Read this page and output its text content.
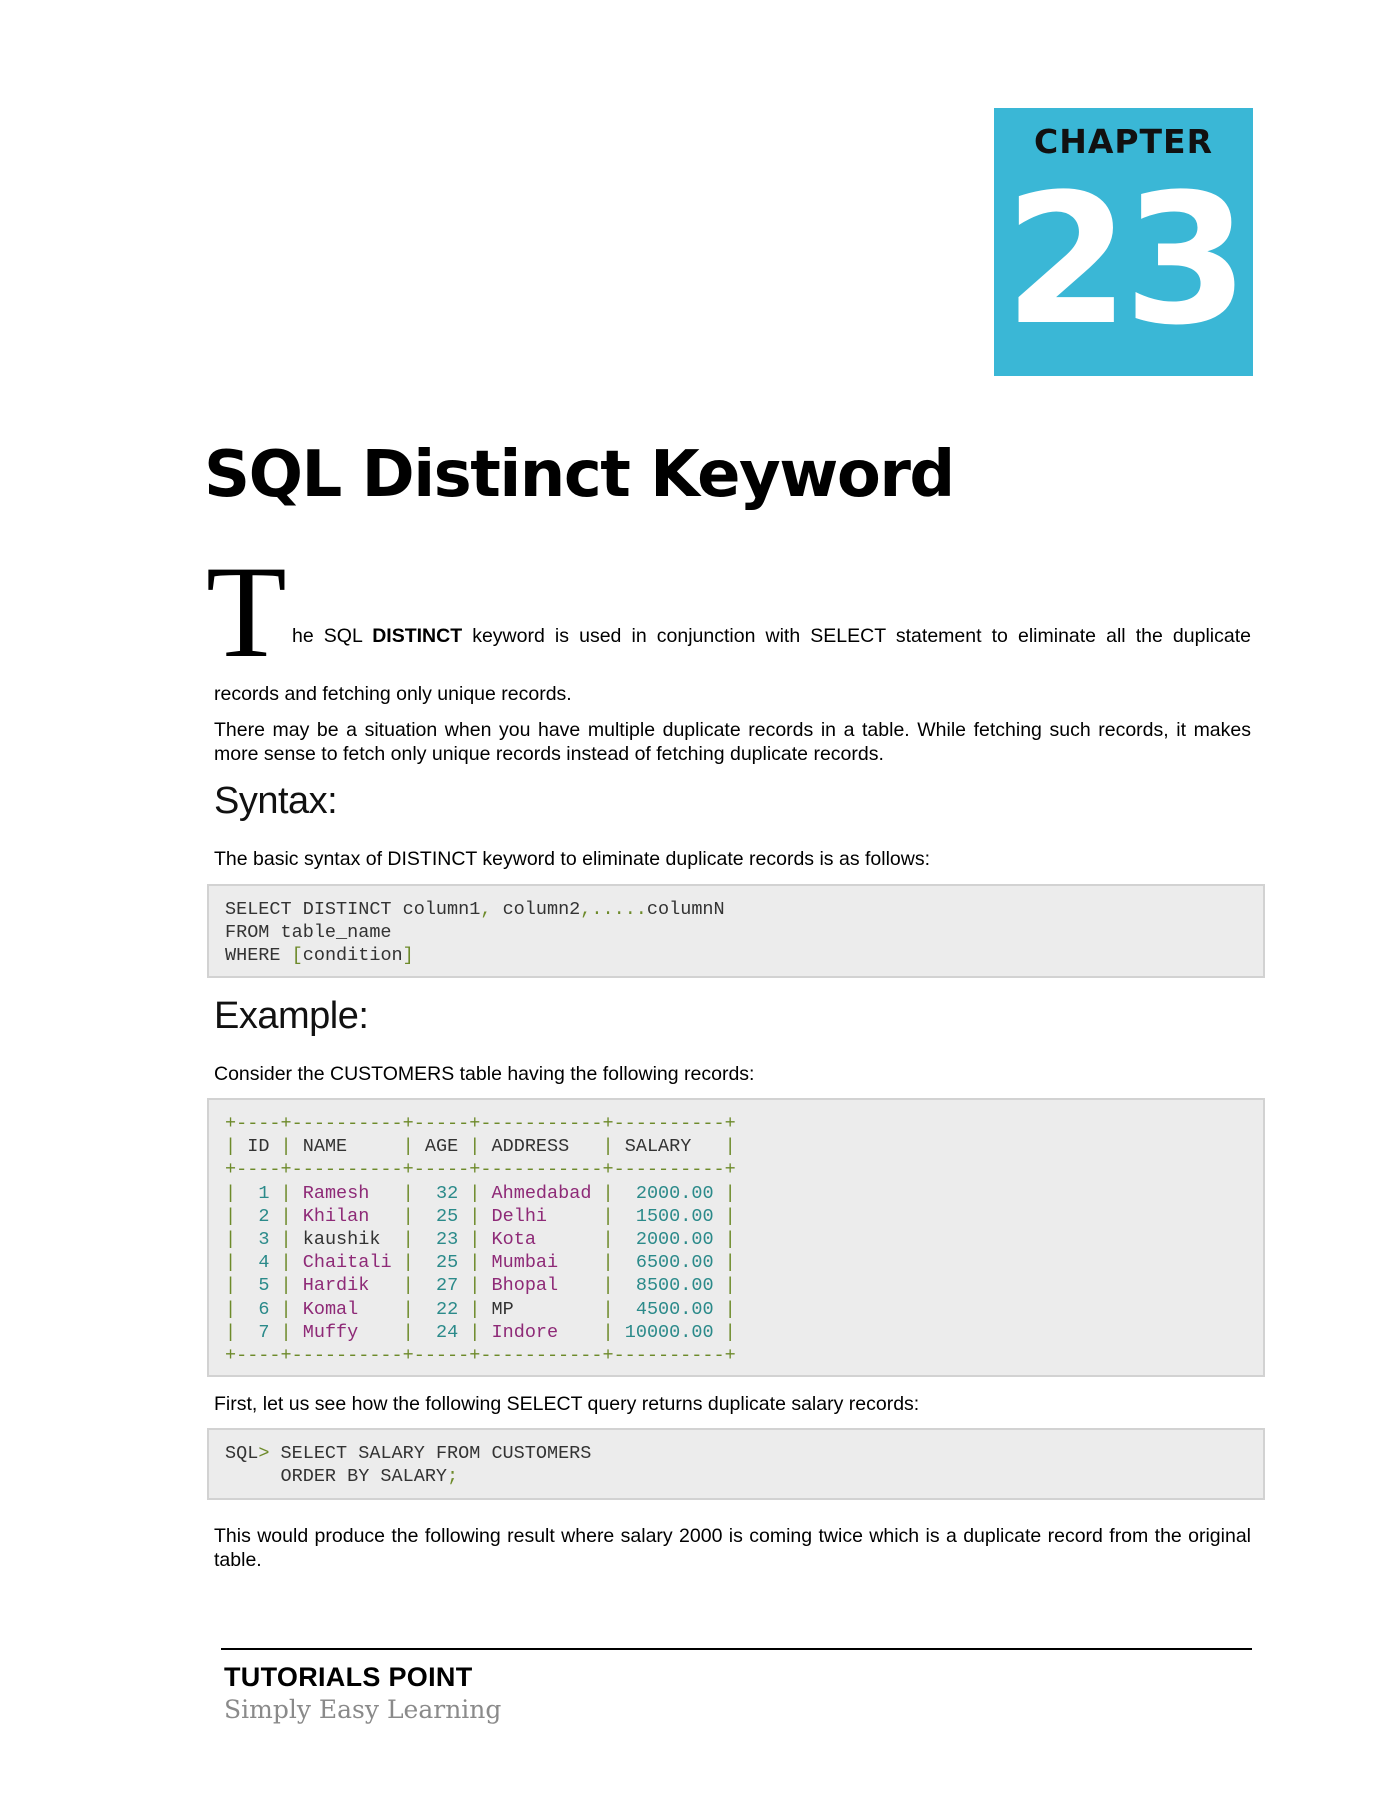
CHAPTER
23
SQL Distinct Keyword
T he SQL DISTINCT keyword is used in conjunction with SELECT statement to eliminate all the duplicate

records and fetching only unique records.

There may be a situation when you have multiple duplicate records in a table. While fetching such records, it makes more sense to fetch only unique records instead of fetching duplicate records.

Syntax:

The basic syntax of DISTINCT keyword to eliminate duplicate records is as follows:

SELECT DISTINCT column1, column2,.....columnN
FROM table_name
WHERE [condition]
Example:

Consider the CUSTOMERS table having the following records:

+----+----------+-----+-----------+----------+
| ID | NAME     | AGE | ADDRESS   | SALARY   |
+----+----------+-----+-----------+----------+
|  1 | Ramesh   |  32 | Ahmedabad |  2000.00 |
|  2 | Khilan   |  25 | Delhi     |  1500.00 |
|  3 | kaushik  |  23 | Kota      |  2000.00 |
|  4 | Chaitali |  25 | Mumbai    |  6500.00 |
|  5 | Hardik   |  27 | Bhopal    |  8500.00 |
|  6 | Komal    |  22 | MP        |  4500.00 |
|  7 | Muffy    |  24 | Indore    | 10000.00 |
+----+----------+-----+-----------+----------+

First, let us see how the following SELECT query returns duplicate salary records:

SQL> SELECT SALARY FROM CUSTOMERS
ORDER BY SALARY;

This would produce the following result where salary 2000 is coming twice which is a duplicate record from the original table.

TUTORIALS POINT
Simply Easy Learning
